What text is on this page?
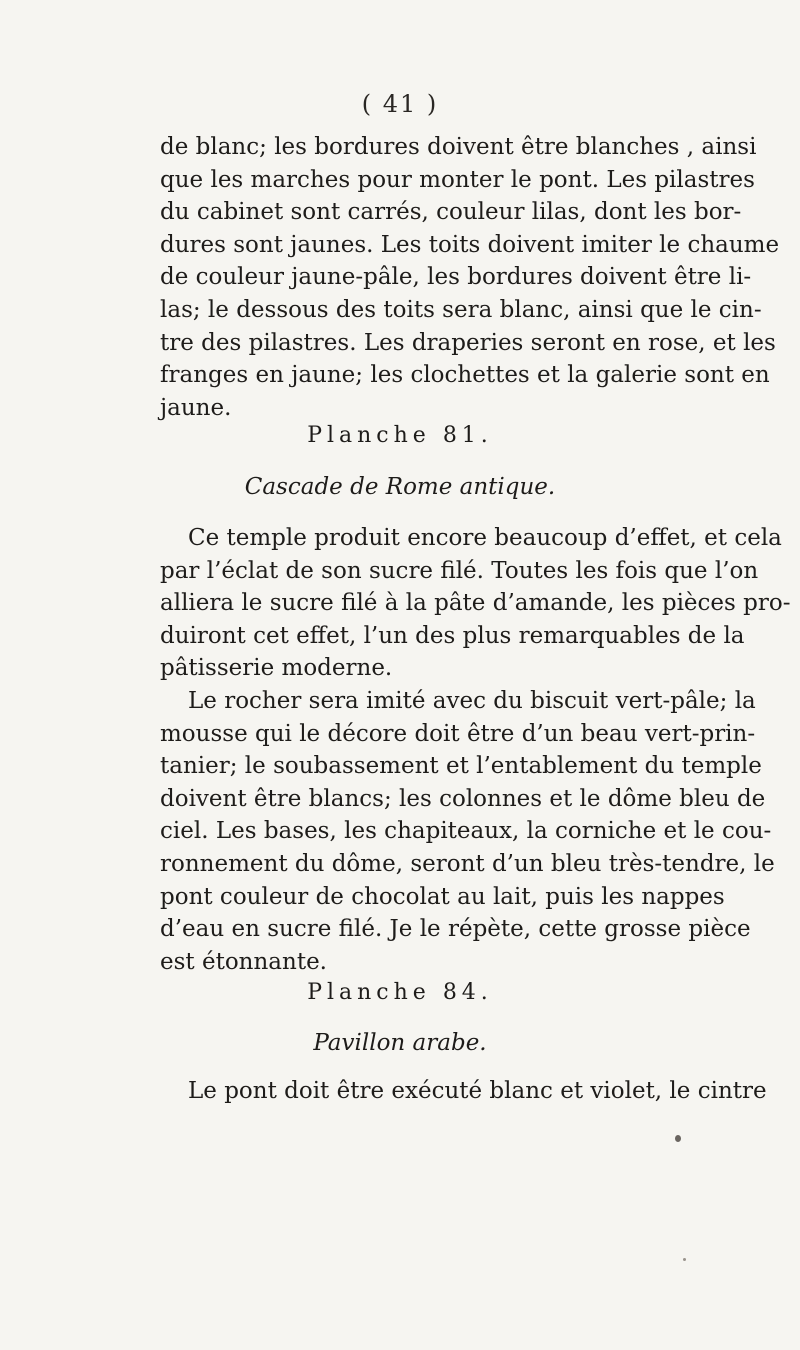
( 41 )
de blanc; les bordures doivent être blanches , ainsi
que les marches pour monter le pont. Les pilastres
du cabinet sont carrés, couleur lilas, dont les bor-
dures sont jaunes. Les toits doivent imiter le chaume
de couleur jaune-pâle, les bordures doivent être li-
las; le dessous des toits sera blanc, ainsi que le cin-
tre des pilastres. Les draperies seront en rose, et les
franges en jaune; les clochettes et la galerie sont en
jaune.
Planche 81.
Cascade de Rome antique.
Ce temple produit encore beaucoup d’effet, et cela
par l’éclat de son sucre filé. Toutes les fois que l’on
alliera le sucre filé à la pâte d’amande, les pièces pro-
duiront cet effet, l’un des plus remarquables de la
pâtisserie moderne.
Le rocher sera imité avec du biscuit vert-pâle; la
mousse qui le décore doit être d’un beau vert-prin-
tanier; le soubassement et l’entablement du temple
doivent être blancs; les colonnes et le dôme bleu de
ciel. Les bases, les chapiteaux, la corniche et le cou-
ronnement du dôme, seront d’un bleu très-tendre, le
pont couleur de chocolat au lait, puis les nappes
d’eau en sucre filé. Je le répète, cette grosse pièce
est étonnante.
Planche 84.
Pavillon arabe.
Le pont doit être exécuté blanc et violet, le cintre
